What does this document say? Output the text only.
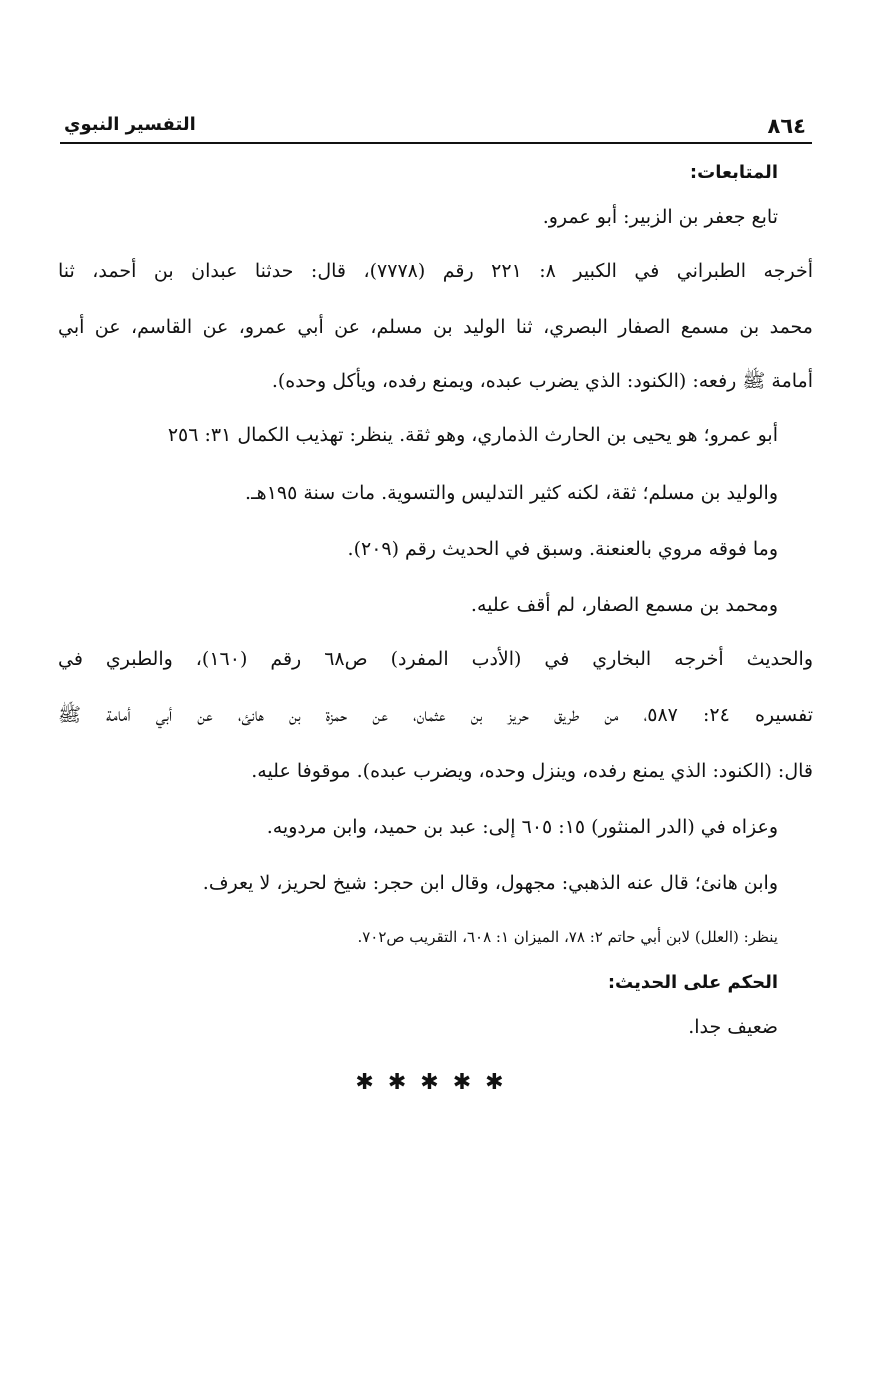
٨٦٤
التفسير النبوي
المتابعات:
تابع جعفر بن الزبير: أبو عمرو.
أخرجه الطبراني في الكبير ٨: ٢٢١ رقم (٧٧٧٨)، قال: حدثنا عبدان بن أحمد، ثنا
محمد بن مسمع الصفار البصري، ثنا الوليد بن مسلم، عن أبي عمرو، عن القاسم، عن أبي
أمامة ﷺ رفعه: (الكنود: الذي يضرب عبده، ويمنع رفده، ويأكل وحده).
أبو عمرو؛ هو يحيى بن الحارث الذماري، وهو ثقة. ينظر: تهذيب الكمال ٣١: ٢٥٦
والوليد بن مسلم؛ ثقة، لكنه كثير التدليس والتسوية. مات سنة ١٩٥هـ.
وما فوقه مروي بالعنعنة. وسبق في الحديث رقم (٢٠٩).
ومحمد بن مسمع الصفار، لم أقف عليه.
والحديث أخرجه البخاري في (الأدب المفرد) ص٦٨ رقم (١٦٠)، والطبري في
تفسيره ٢٤: ٥٨٧، من طريق حريز بن عثمان، عن حمزة بن هانئ، عن أبي أمامة ﷺ
قال: (الكنود: الذي يمنع رفده، وينزل وحده، ويضرب عبده). موقوفا عليه.
وعزاه في (الدر المنثور) ١٥: ٦٠٥ إلى: عبد بن حميد، وابن مردويه.
وابن هانئ؛ قال عنه الذهبي: مجهول، وقال ابن حجر: شيخ لحريز، لا يعرف.
ينظر: (العلل) لابن أبي حاتم ٢: ٧٨، الميزان ١: ٦٠٨، التقريب ص٧٠٢.
الحكم على الحديث:
ضعيف جدا.
✱✱✱✱✱
